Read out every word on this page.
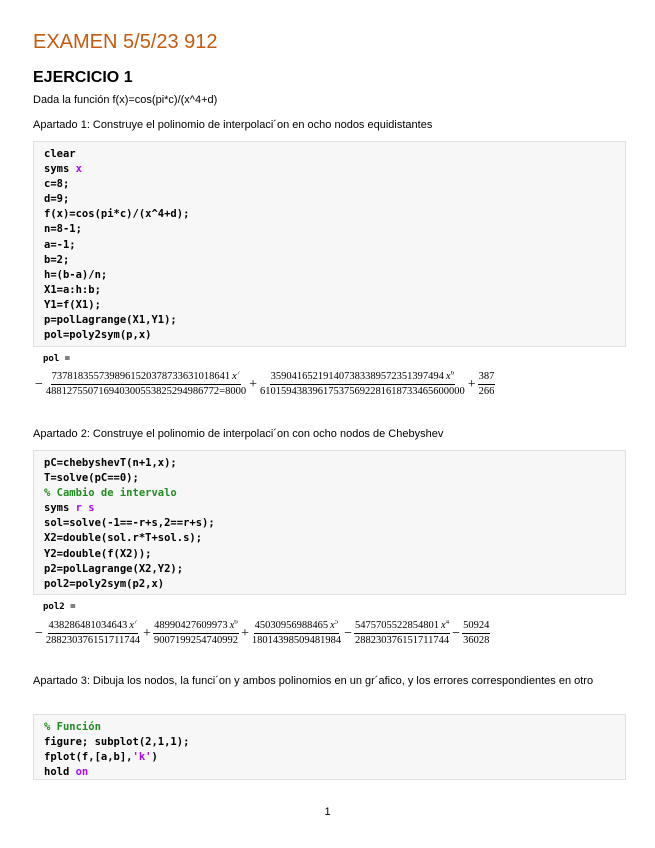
EXAMEN 5/5/23 912
EJERCICIO 1
Dada la función f(x)=cos(pi*c)/(x^4+d)
Apartado 1: Construye el polinomio de interpolaci´on en ocho nodos equidistantes
clear
syms x
c=8;
d=9;
f(x)=cos(pi*c)/(x^4+d);
n=8-1;
a=-1;
b=2;
h=(b-a)/n;
X1=a:h:b;
Y1=f(X1);
p=polLagrange(X1,Y1);
pol=poly2sym(p,x)
pol =
− $\frac{7378183557398961520378733631018641 x^7}{48812755071694030055382529498677​2=8000} + \frac{359041652191407383389572351397494 x^6}{610159438396175375692281618733465600000} + \frac{387}{266}$
Apartado 2: Construye el polinomio de interpolaci´on con ocho nodos de Chebyshev
pC=chebyshevT(n+1,x);
T=solve(pC==0);
% Cambio de intervalo
syms r s
sol=solve(-1==-r+s,2==r+s);
X2=double(sol.r*T+sol.s);
Y2=double(f(X2));
p2=polLagrange(X2,Y2);
pol2=poly2sym(p2,x)
pol2 =
− $\frac{4382864810346​43 x^7}{28823037615171174​4} + \frac{4899042760997​3 x^6}{900719925474099​2} + \frac{4503095698846​5 x^5}{1801439850948198​4} - \frac{5475705522854801 x^4}{28823037615171174​4} - \frac{50924}{36028}$
Apartado 3: Dibuja los nodos, la funci´on y ambos polinomios en un gr´afico, y los errores correspondientes en otro
% Función
figure; subplot(2,1,1);
fplot(f,[a,b],'k')
hold on
1
